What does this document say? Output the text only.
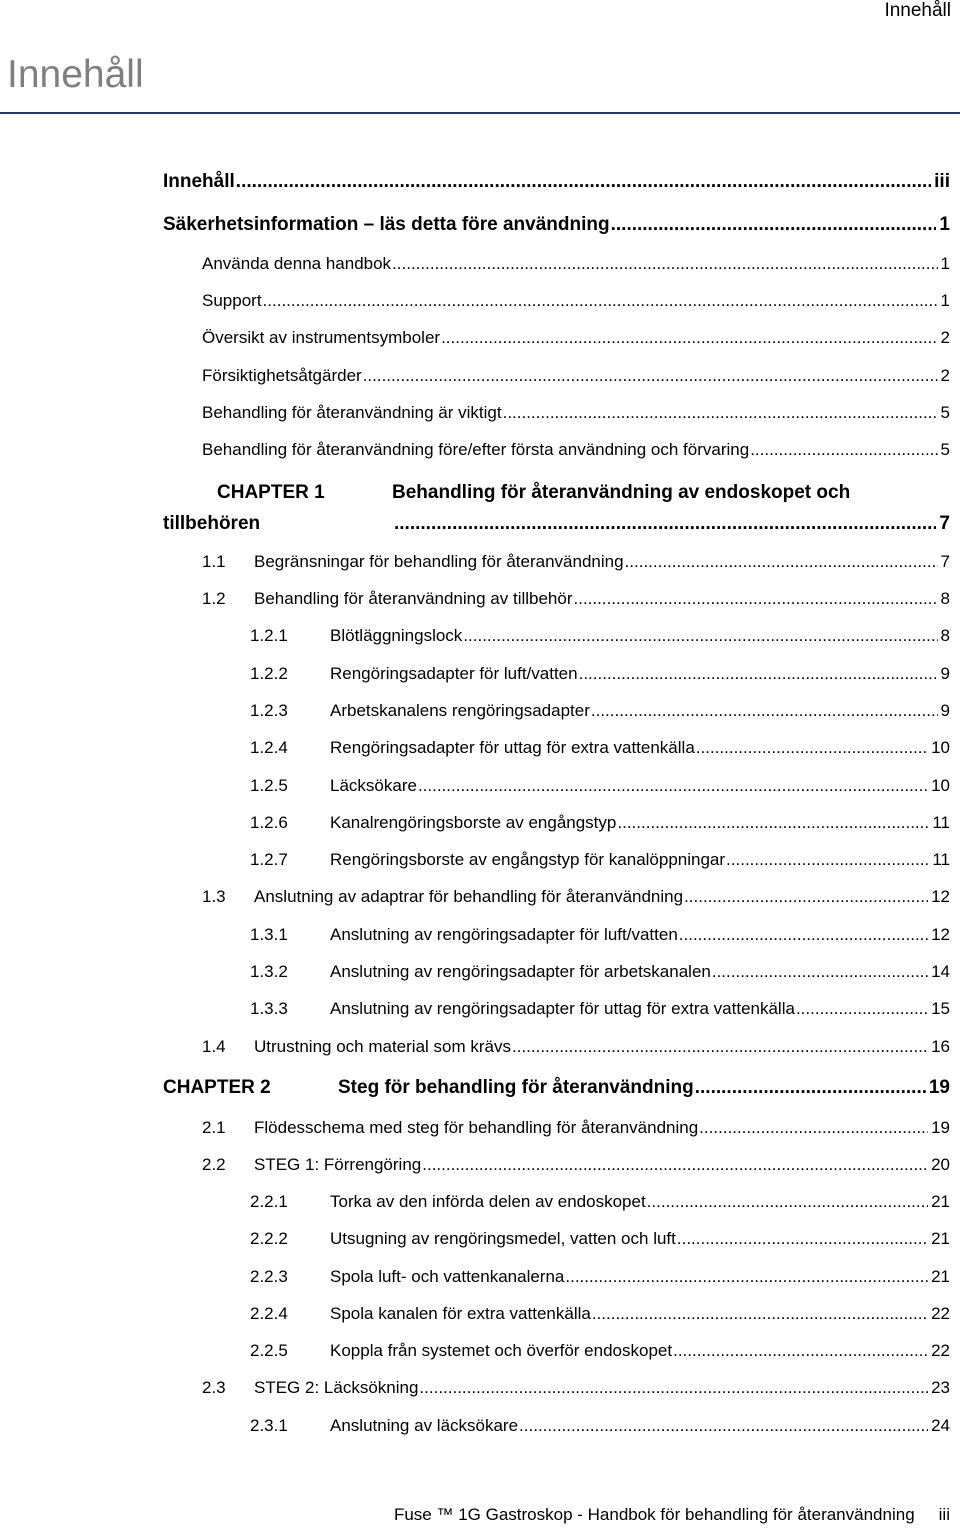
Innehåll
Innehåll
Innehåll .....	iii
Säkerhetsinformation – läs detta före användning .....	1
Använda denna handbok .....	1
Support .....	1
Översikt av instrumentsymboler .....	2
Försiktighetsåtgärder .....	2
Behandling för återanvändning är viktigt .....	5
Behandling för återanvändning före/efter första användning och förvaring .....	5
CHAPTER 1	Behandling för återanvändning av endoskopet och
tillbehören .....	7
1.1	Begränsningar för behandling för återanvändning .....	7
1.2	Behandling för återanvändning av tillbehör .....	8
1.2.1	Blötläggningslock .....	8
1.2.2	Rengöringsadapter för luft/vatten .....	9
1.2.3	Arbetskanalens rengöringsadapter .....	9
1.2.4	Rengöringsadapter för uttag för extra vattenkälla .....	10
1.2.5	Läcksökare .....	10
1.2.6	Kanalrengöringsborste av engångstyp .....	11
1.2.7	Rengöringsborste av engångstyp för kanalöppningar .....	11
1.3	Anslutning av adaptrar för behandling för återanvändning .....	12
1.3.1	Anslutning av rengöringsadapter för luft/vatten .....	12
1.3.2	Anslutning av rengöringsadapter för arbetskanalen .....	14
1.3.3	Anslutning av rengöringsadapter för uttag för extra vattenkälla .....	15
1.4	Utrustning och material som krävs .....	16
CHAPTER 2	Steg för behandling för återanvändning .....	19
2.1	Flödesschema med steg för behandling för återanvändning .....	19
2.2	STEG 1: Förrengöring .....	20
2.2.1	Torka av den införda delen av endoskopet .....	21
2.2.2	Utsugning av rengöringsmedel, vatten och luft .....	21
2.2.3	Spola luft- och vattenkanalerna .....	21
2.2.4	Spola kanalen för extra vattenkälla .....	22
2.2.5	Koppla från systemet och överför endoskopet .....	22
2.3	STEG 2: Läcksökning .....	23
2.3.1	Anslutning av läcksökare .....	24
Fuse ™ 1G Gastroskop - Handbok för behandling för återanvändning iii
